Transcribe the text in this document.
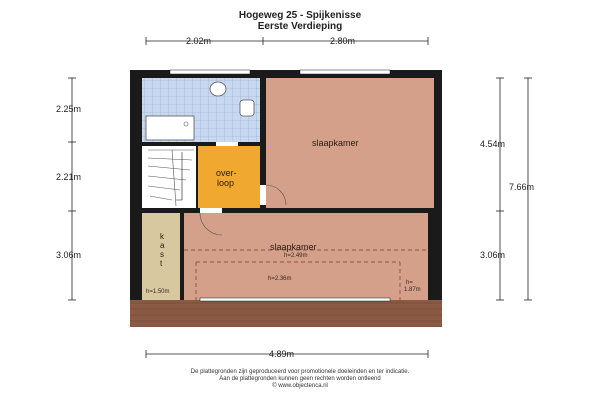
Hogeweg 25 - Spijkenisse
Eerste Verdieping
2.02m	2.80m
2.25m
2.21m
3.06m
4.54m
7.66m
3.06m
4.89m
slaapkamer
over-
loop
slaapkamer
kast
h=1.50m
h=2.49m
h=2.36m
h=
1.87m
De plattegronden zijn geproduceerd voor promotionele doeleinden en ter indicatie.
Aan de plattegronden kunnen geen rechten worden ontleend
© www.objectenca.nl
